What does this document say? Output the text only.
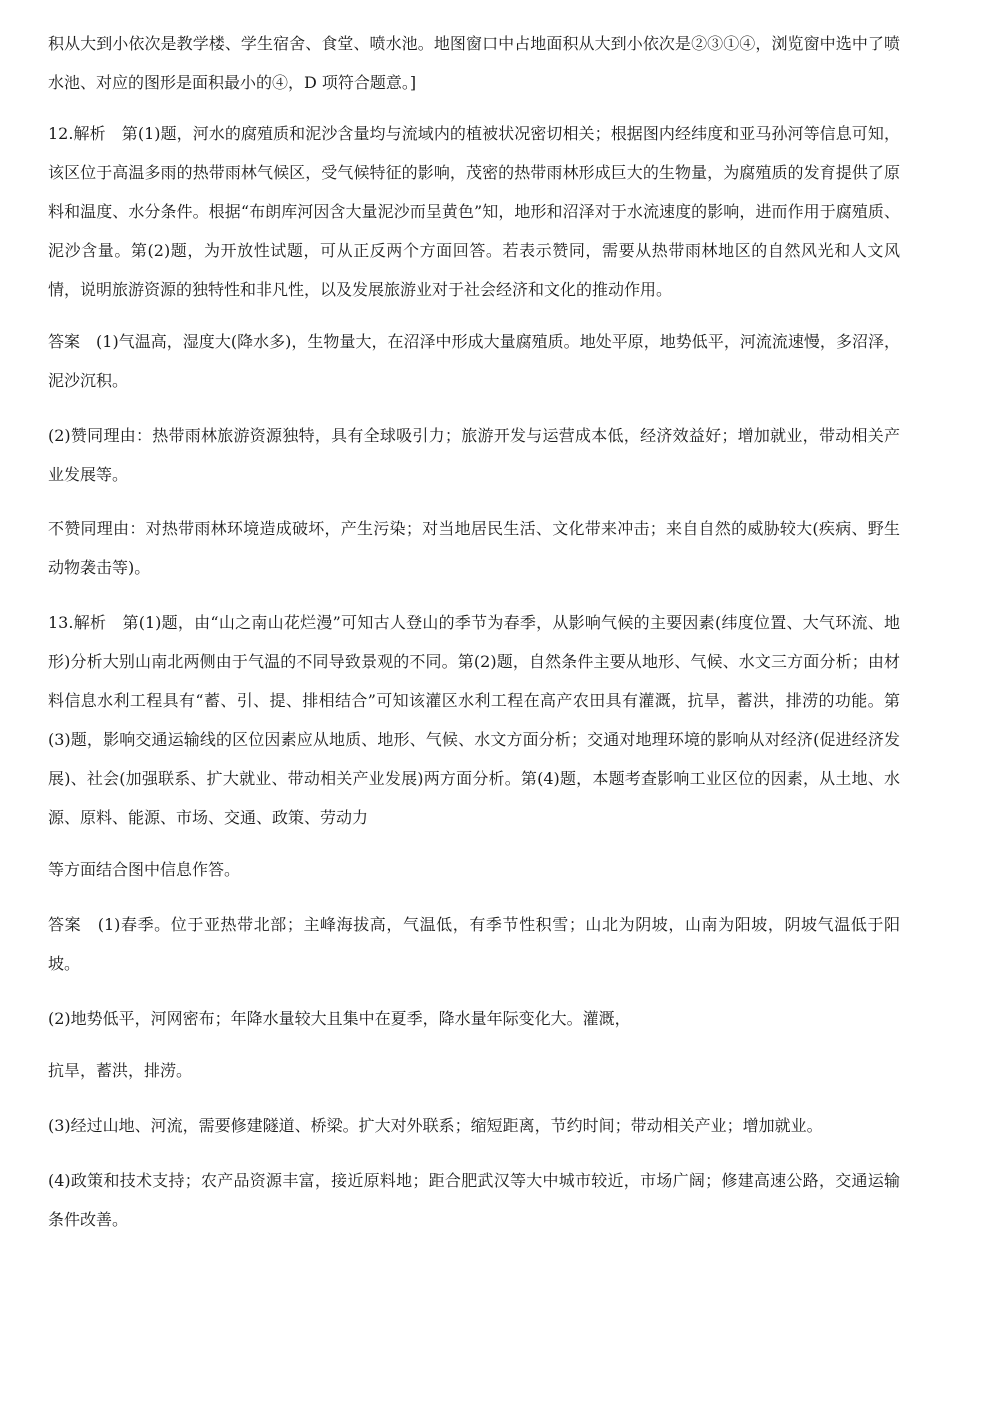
积从大到小依次是教学楼、学生宿舍、食堂、喷水池。地图窗口中占地面积从大到小依次是②③①④，浏览窗中选中了喷水池、对应的图形是面积最小的④，D 项符合题意。]

12.解析　第(1)题，河水的腐殖质和泥沙含量均与流域内的植被状况密切相关；根据图内经纬度和亚马孙河等信息可知，该区位于高温多雨的热带雨林气候区，受气候特征的影响，茂密的热带雨林形成巨大的生物量，为腐殖质的发育提供了原料和温度、水分条件。根据“布朗库河因含大量泥沙而呈黄色”知，地形和沼泽对于水流速度的影响，进而作用于腐殖质、泥沙含量。第(2)题，为开放性试题，可从正反两个方面回答。若表示赞同，需要从热带雨林地区的自然风光和人文风情，说明旅游资源的独特性和非凡性，以及发展旅游业对于社会经济和文化的推动作用。

答案　(1)气温高，湿度大(降水多)，生物量大，在沼泽中形成大量腐殖质。地处平原，地势低平，河流流速慢，多沼泽，泥沙沉积。

(2)赞同理由：热带雨林旅游资源独特，具有全球吸引力；旅游开发与运营成本低，经济效益好；增加就业，带动相关产业发展等。

不赞同理由：对热带雨林环境造成破坏，产生污染；对当地居民生活、文化带来冲击；来自自然的威胁较大(疾病、野生动物袭击等)。

13.解析　第(1)题，由“山之南山花烂漫”可知古人登山的季节为春季，从影响气候的主要因素(纬度位置、大气环流、地形)分析大别山南北两侧由于气温的不同导致景观的不同。第(2)题，自然条件主要从地形、气候、水文三方面分析；由材料信息水利工程具有“蓄、引、提、排相结合”可知该灌区水利工程在高产农田具有灌溉，抗旱，蓄洪，排涝的功能。第(3)题，影响交通运输线的区位因素应从地质、地形、气候、水文方面分析；交通对地理环境的影响从对经济(促进经济发展)、社会(加强联系、扩大就业、带动相关产业发展)两方面分析。第(4)题，本题考查影响工业区位的因素，从土地、水源、原料、能源、市场、交通、政策、劳动力

等方面结合图中信息作答。

答案　(1)春季。位于亚热带北部；主峰海拔高，气温低，有季节性积雪；山北为阴坡，山南为阳坡，阴坡气温低于阳坡。

(2)地势低平，河网密布；年降水量较大且集中在夏季，降水量年际变化大。灌溉，

抗旱，蓄洪，排涝。

(3)经过山地、河流，需要修建隧道、桥梁。扩大对外联系；缩短距离，节约时间；带动相关产业；增加就业。

(4)政策和技术支持；农产品资源丰富，接近原料地；距合肥武汉等大中城市较近，市场广阔；修建高速公路，交通运输条件改善。
